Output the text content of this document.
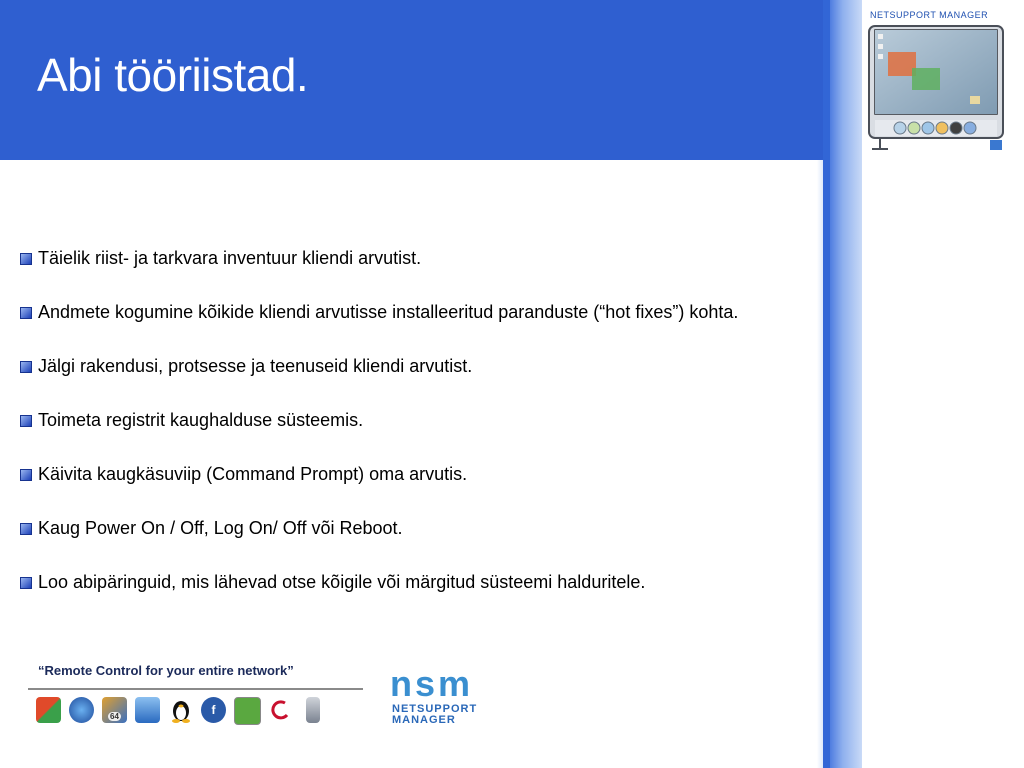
Abi tööriistad.
NETSUPPORT MANAGER
Täielik riist- ja tarkvara inventuur kliendi arvutist.
Andmete kogumine kõikide kliendi arvutisse installeeritud paranduste (“hot fixes”) kohta.
Jälgi rakendusi, protsesse ja teenuseid kliendi arvutist.
Toimeta registrit kaughalduse süsteemis.
Käivita kaugkäsuviip (Command Prompt) oma arvutis.
Kaug Power On / Off, Log On/ Off või Reboot.
Loo abipäringuid, mis lähevad otse kõigile või märgitud süsteemi halduritele.
“Remote Control for your entire network”
64	f
nsm
NETSUPPORT
MANAGER
